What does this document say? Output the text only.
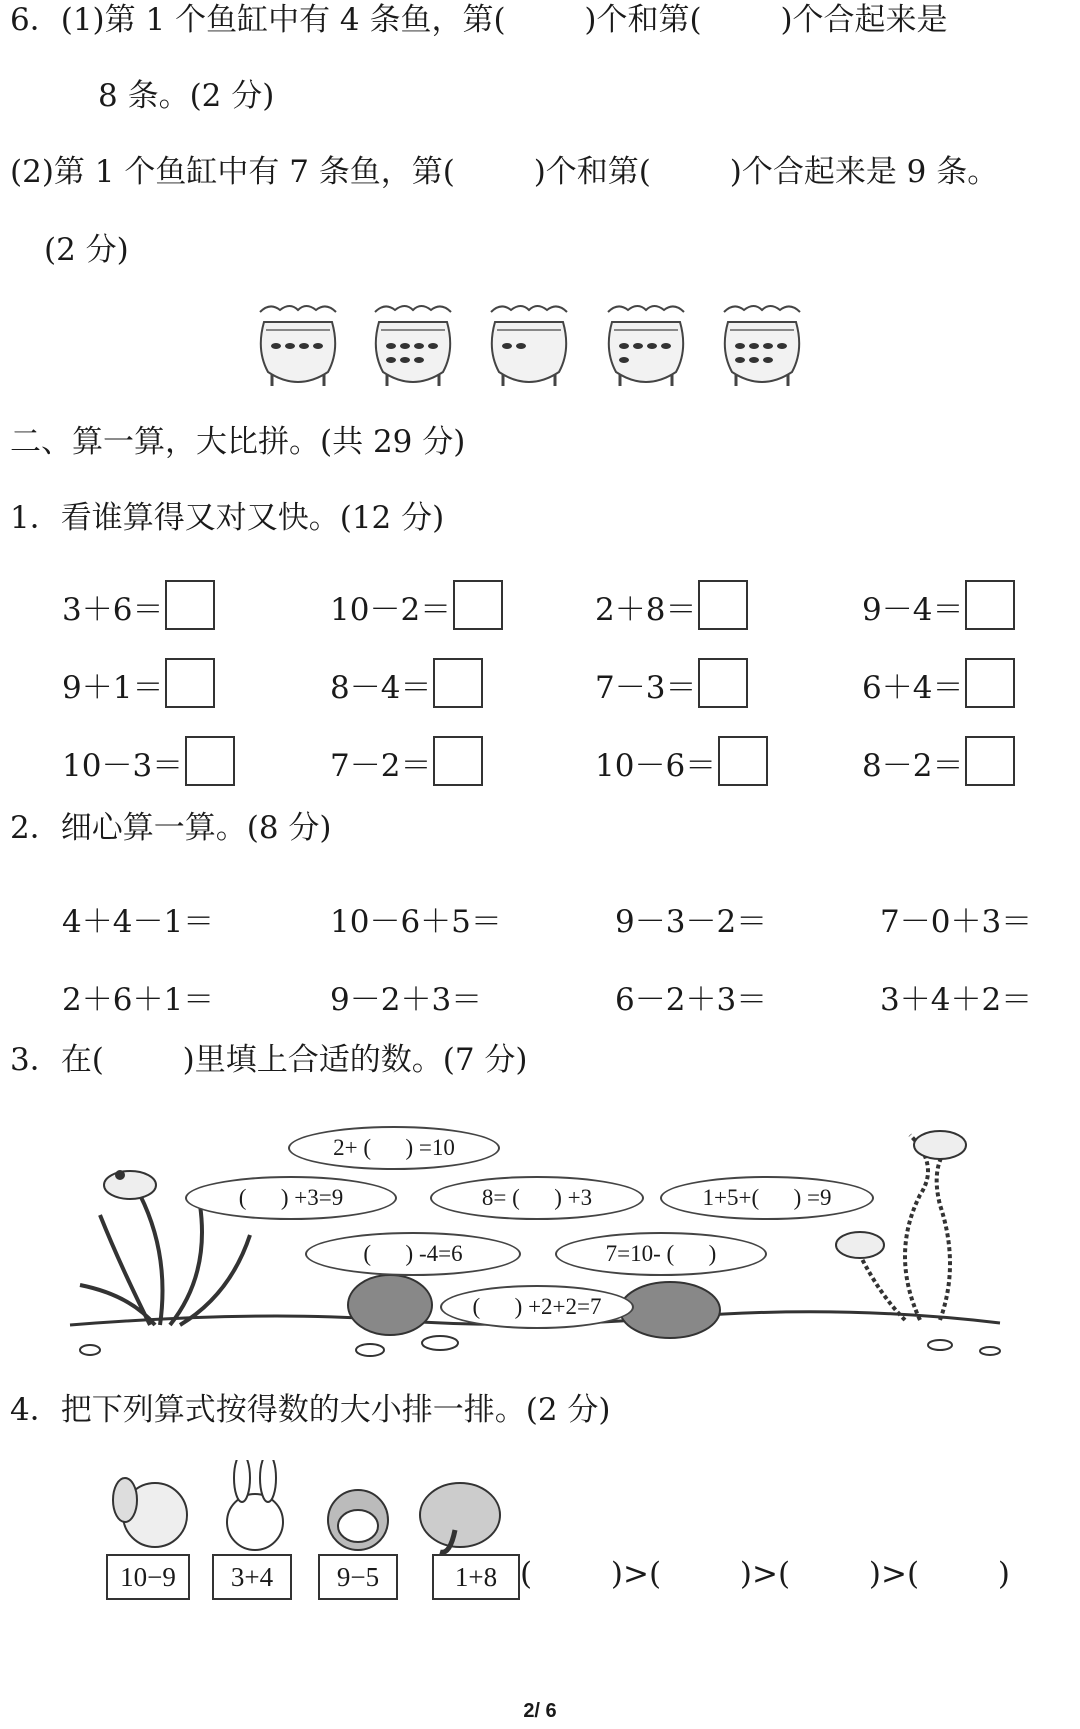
6．(1)第 1 个鱼缸中有 4 条鱼，第(        )个和第(        )个合起来是
8 条。(2 分)
(2)第 1 个鱼缸中有 7 条鱼，第(        )个和第(        )个合起来是 9 条。
(2 分)
二、算一算，大比拼。(共 29 分)
1．看谁算得又对又快。(12 分)
3＋6＝	10－2＝	2＋8＝	9－4＝
9＋1＝	8－4＝	7－3＝	6＋4＝
10－3＝	7－2＝	10－6＝	8－2＝
2．细心算一算。(8 分)
4＋4－1＝	10－6＋5＝	9－3－2＝	7－0＋3＝
2＋6＋1＝	9－2＋3＝	6－2＋3＝	3＋4＋2＝
3．在(        )里填上合适的数。(7 分)
2+ (      ) =10
(      ) +3=9	8= (      ) +3	1+5+(      ) =9
(      ) -4=6	7=10- (      )
(      ) +2+2=7
4．把下列算式按得数的大小排一排。(2 分)
10−9	3+4	9−5	1+8 (        )>(        )>(        )>(        )
2/ 6
